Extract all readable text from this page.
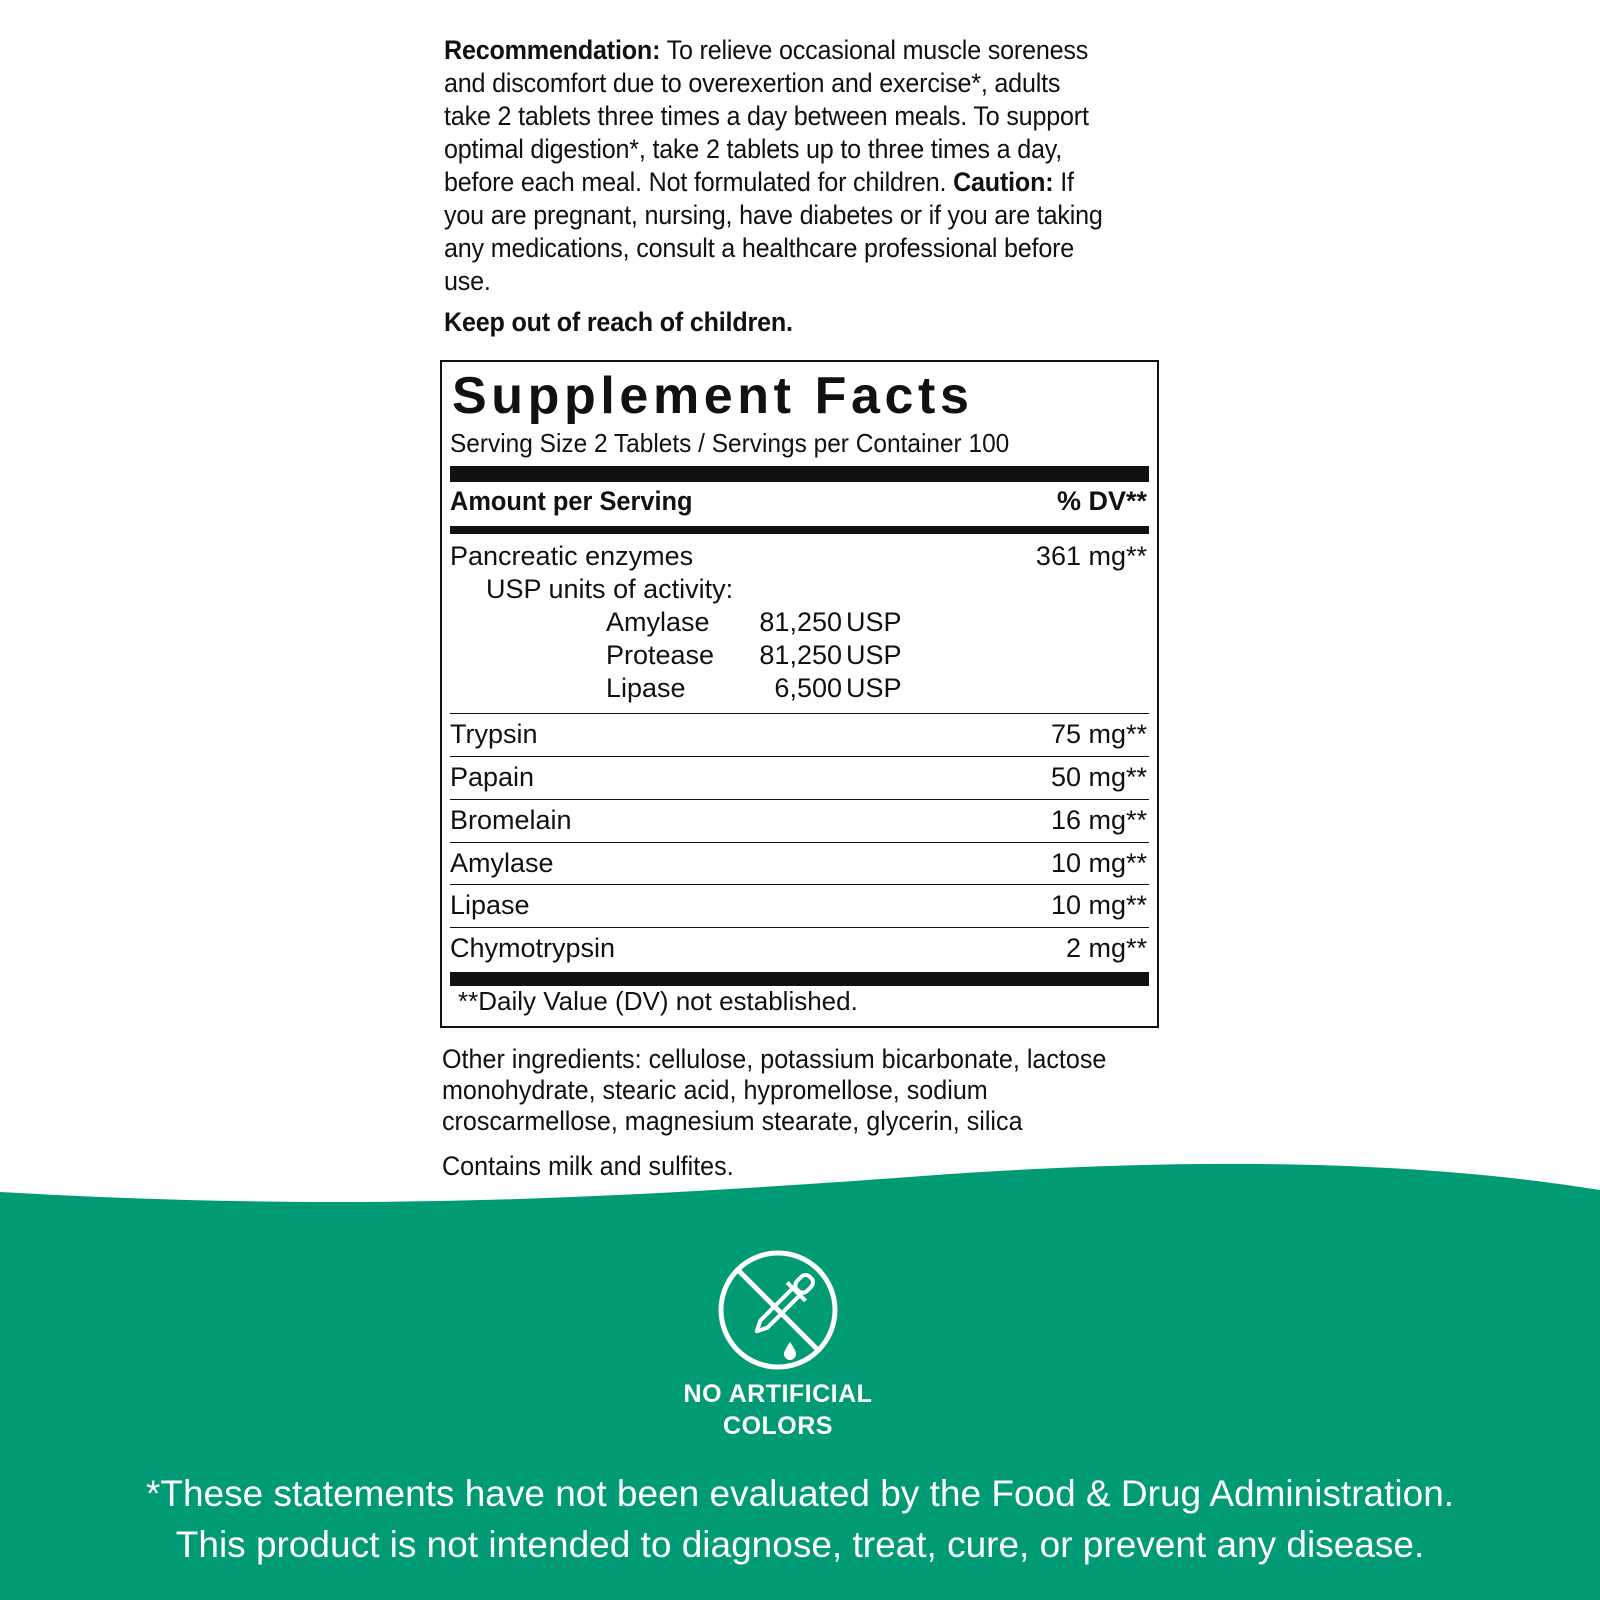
Recommendation: To relieve occasional muscle soreness and discomfort due to overexertion and exercise*, adults take 2 tablets three times a day between meals. To support optimal digestion*, take 2 tablets up to three times a day, before each meal. Not formulated for children. Caution: If you are pregnant, nursing, have diabetes or if you are taking any medications, consult a healthcare professional before use.

Keep out of reach of children.

Supplement Facts
Serving Size 2 Tablets / Servings per Container 100
Amount per Serving	% DV**
Pancreatic enzymes	361 mg**
USP units of activity:
Amylase 81,250 USP
Protease 81,250 USP
Lipase	6,500 USP
Trypsin	75 mg**
Papain	50 mg**
Bromelain	16 mg**
Amylase	10 mg**
Lipase	10 mg**
Chymotrypsin	2 mg**
**Daily Value (DV) not established.

Other ingredients: cellulose, potassium bicarbonate, lactose monohydrate, stearic acid, hypromellose, sodium croscarmellose, magnesium stearate, glycerin, silica

Contains milk and sulfites.

NO ARTIFICIAL
COLORS

*These statements have not been evaluated by the Food & Drug Administration.

This product is not intended to diagnose, treat, cure, or prevent any disease.
